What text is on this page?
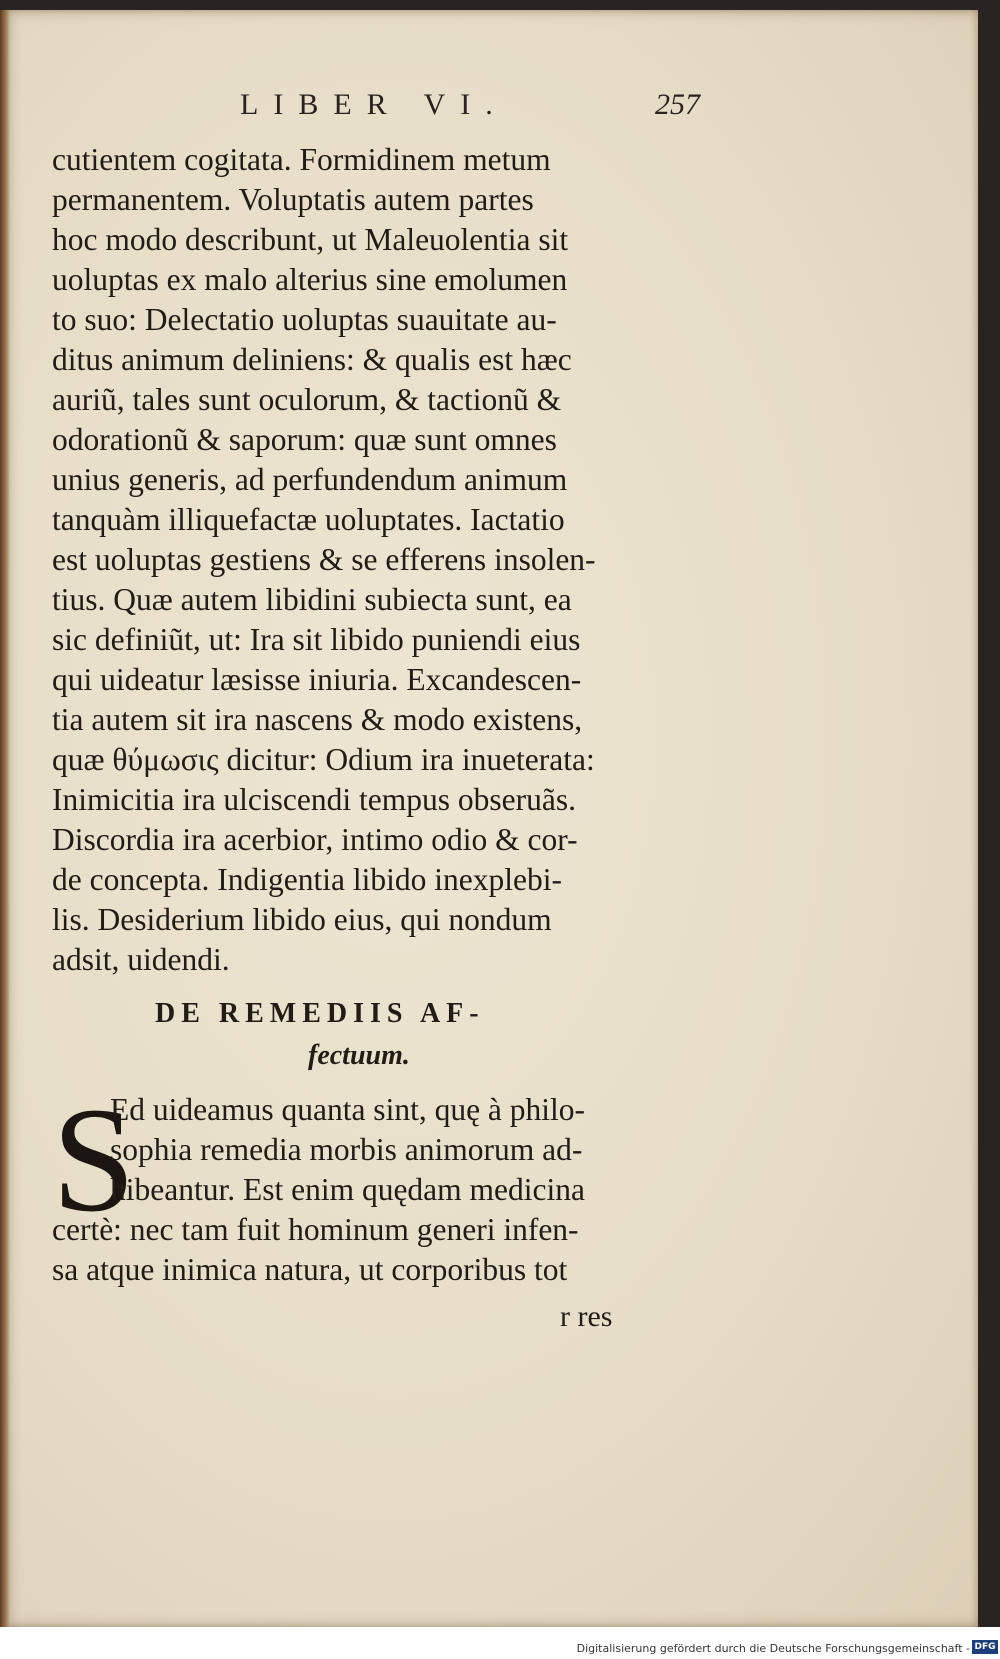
LIBER VI.	257
cutientem cogitata. Formidinem metum
permanentem. Voluptatis autem partes
hoc modo describunt, ut Maleuolentia sit
uoluptas ex malo alterius sine emolumen
to suo: Delectatio uoluptas suauitate au-
ditus animum deliniens: & qualis est hæc
auriũ, tales sunt oculorum, & tactionũ &
odorationũ & saporum: quæ sunt omnes
unius generis, ad perfundendum animum
tanquàm illiquefactæ uoluptates. Iactatio
est uoluptas gestiens & se efferens insolen-
tius. Quæ autem libidini subiecta sunt, ea
sic definiũt, ut: Ira sit libido puniendi eius
qui uideatur læsisse iniuria. Excandescen-
tia autem sit ira nascens & modo existens,
quæ θύμωσις dicitur: Odium ira inueterata:
Inimicitia ira ulciscendi tempus obseruãs.
Discordia ira acerbior, intimo odio & cor-
de concepta. Indigentia libido inexplebi-
lis. Desiderium libido eius, qui nondum
adsit, uidendi.
DE REMEDIIS AF-
fectuum.
S
Ed uideamus quanta sint, quę à philo-
sophia remedia morbis animorum ad-
hibeantur. Est enim quędam medicina
certè: nec tam fuit hominum generi infen-
sa atque inimica natura, ut corporibus tot
r res
Digitalisierung gefördert durch die Deutsche Forschungsgemeinschaft - DFG
